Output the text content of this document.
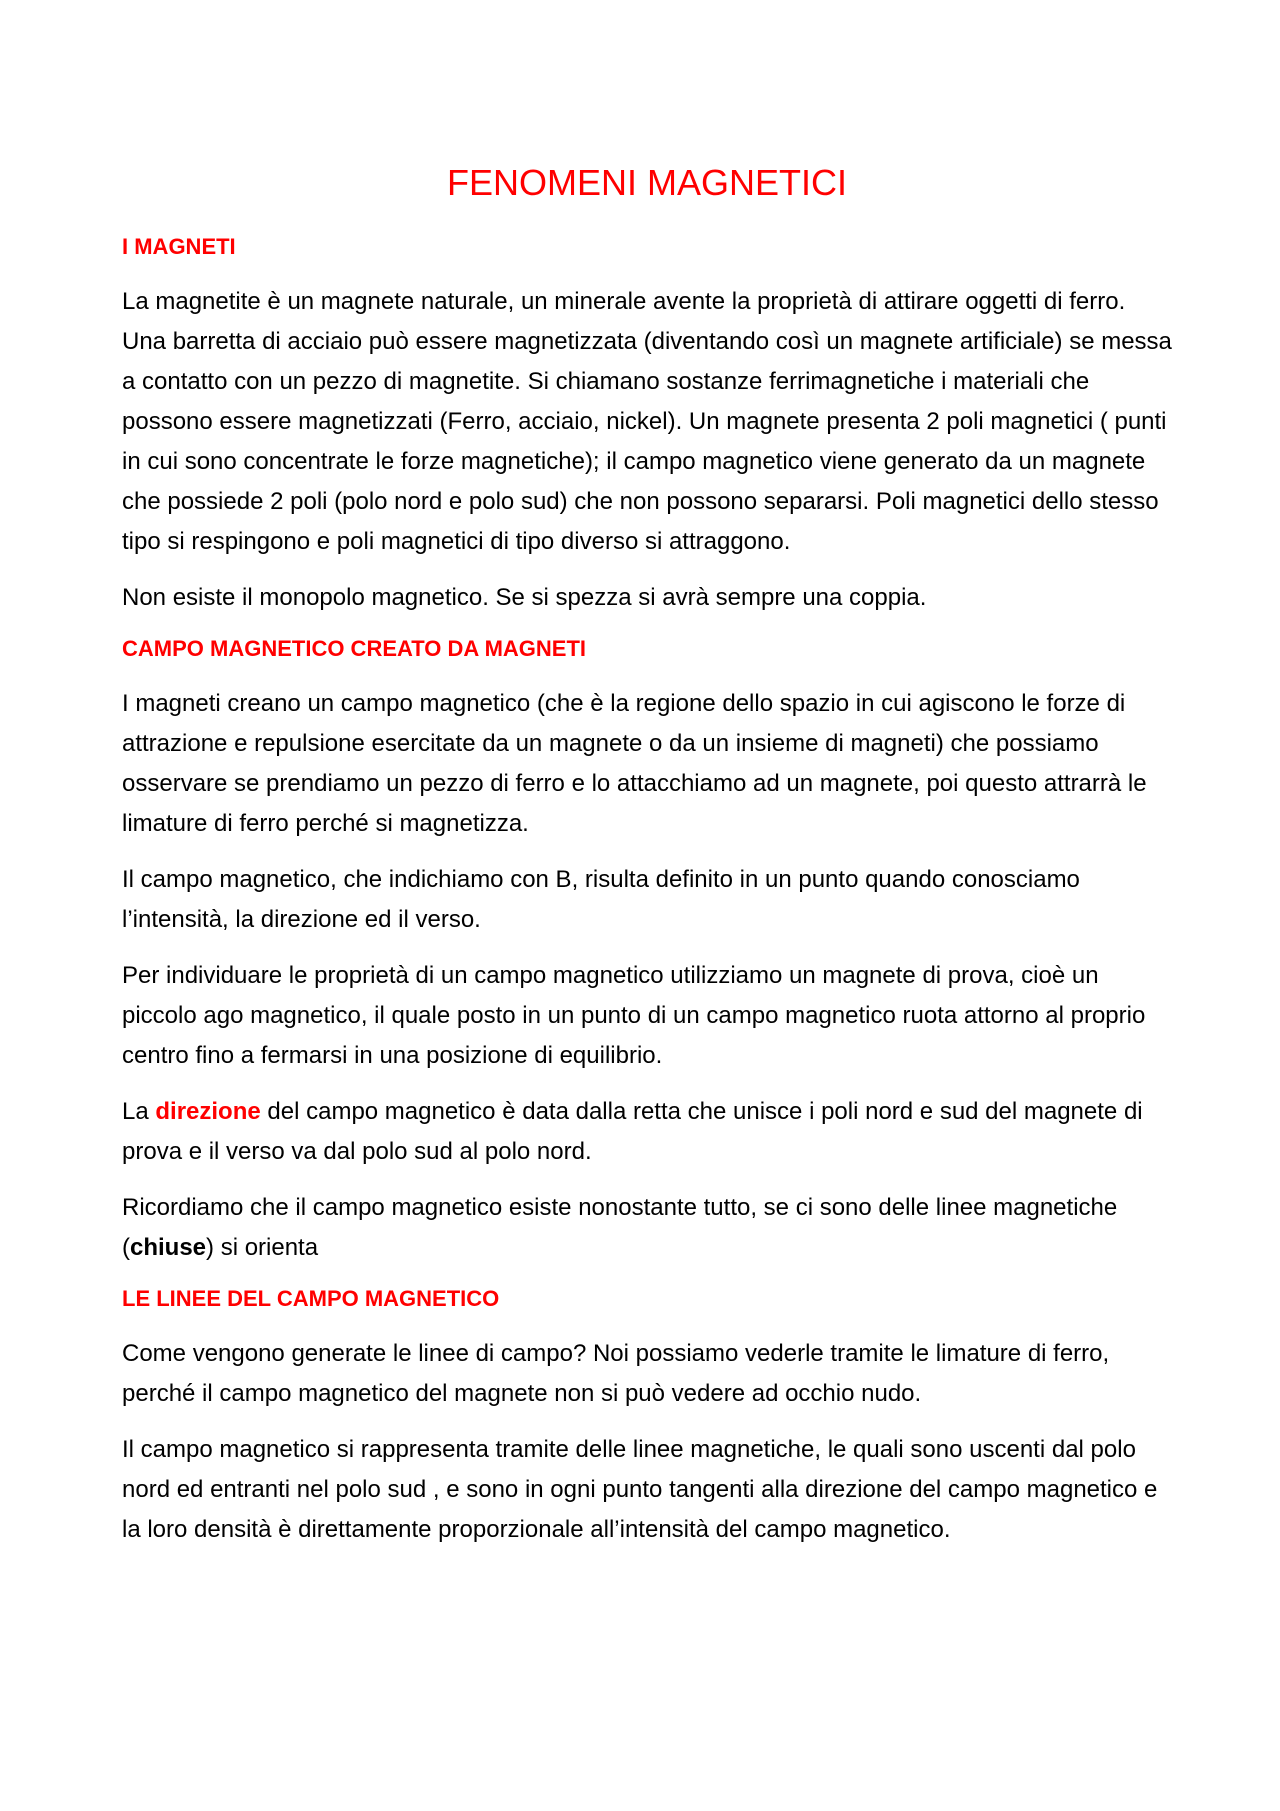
FENOMENI MAGNETICI
I MAGNETI

La magnetite è un magnete naturale, un minerale avente la proprietà di attirare oggetti di ferro. Una barretta di acciaio può essere magnetizzata (diventando così un magnete artificiale) se messa a contatto con un pezzo di magnetite. Si chiamano sostanze ferrimagnetiche i materiali che possono essere magnetizzati (Ferro, acciaio, nickel). Un magnete presenta 2 poli magnetici ( punti in cui sono concentrate le forze magnetiche); il campo magnetico viene generato da un magnete che possiede 2 poli (polo nord e polo sud) che non possono separarsi. Poli magnetici dello stesso tipo si respingono e poli magnetici di tipo diverso si attraggono.

Non esiste il monopolo magnetico. Se si spezza si avrà sempre una coppia.

CAMPO MAGNETICO CREATO DA MAGNETI

I magneti creano un campo magnetico (che è la regione dello spazio in cui agiscono le forze di attrazione e repulsione esercitate da un magnete o da un insieme di magneti) che possiamo osservare se prendiamo un pezzo di ferro e lo attacchiamo ad un magnete, poi questo attrarrà le limature di ferro perché si magnetizza.

Il campo magnetico, che indichiamo con B, risulta definito in un punto quando conosciamo l’intensità, la direzione ed il verso.

Per individuare le proprietà di un campo magnetico utilizziamo un magnete di prova, cioè un piccolo ago magnetico, il quale posto in un punto di un campo magnetico ruota attorno al proprio centro fino a fermarsi in una posizione di equilibrio.

La direzione del campo magnetico è data dalla retta che unisce i poli nord e sud del magnete di prova e il verso va dal polo sud al polo nord.

Ricordiamo che il campo magnetico esiste nonostante tutto, se ci sono delle linee magnetiche (chiuse) si orienta

LE LINEE DEL CAMPO MAGNETICO

Come vengono generate le linee di campo? Noi possiamo vederle tramite le limature di ferro, perché il campo magnetico del magnete non si può vedere ad occhio nudo.

Il campo magnetico si rappresenta tramite delle linee magnetiche, le quali sono uscenti dal polo nord ed entranti nel polo sud , e sono in ogni punto tangenti alla direzione del campo magnetico e la loro densità è direttamente proporzionale all’intensità del campo magnetico.
